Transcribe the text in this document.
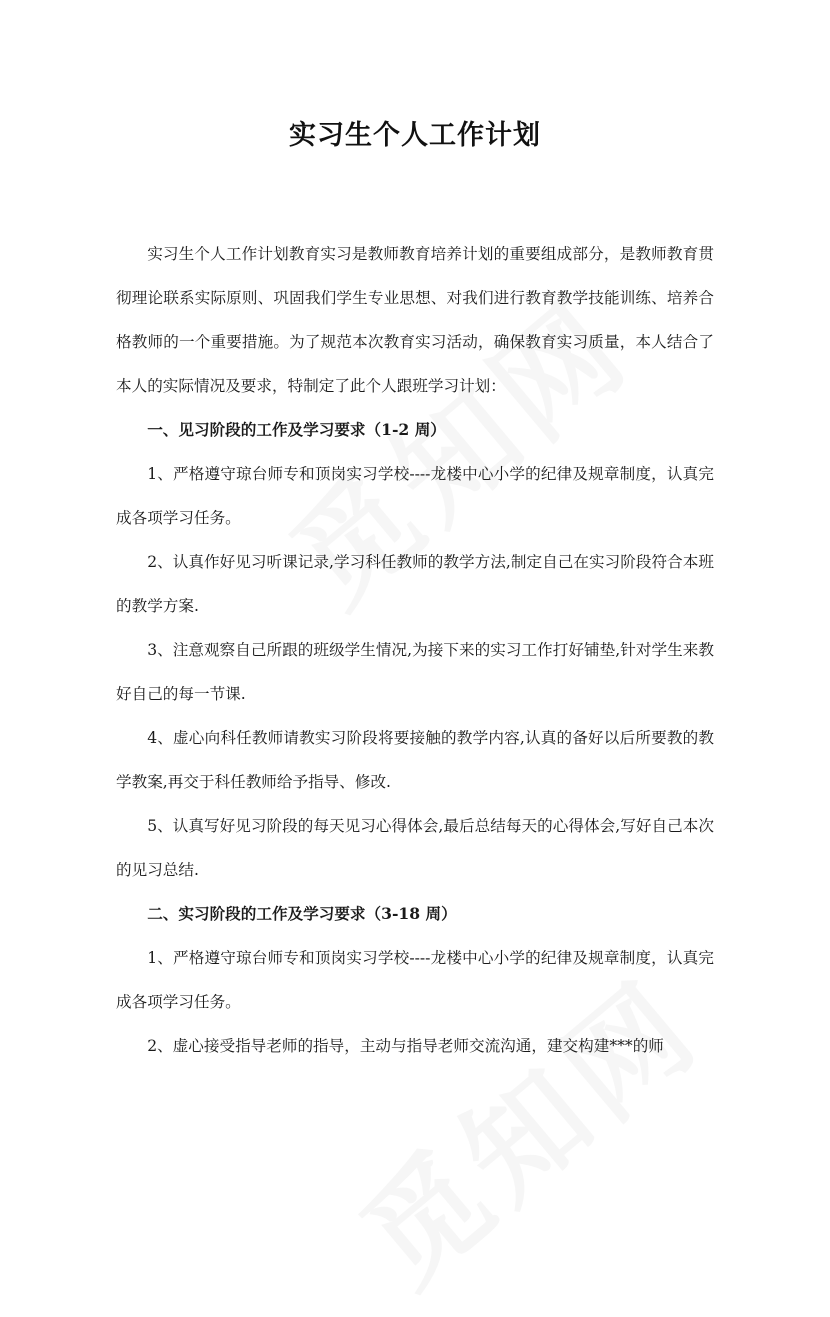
实习生个人工作计划

实习生个人工作计划教育实习是教师教育培养计划的重要组成部分，是教师教育贯彻理论联系实际原则、巩固我们学生专业思想、对我们进行教育教学技能训练、培养合格教师的一个重要措施。为了规范本次教育实习活动，确保教育实习质量，本人结合了本人的实际情况及要求，特制定了此个人跟班学习计划：

一、见习阶段的工作及学习要求（1-2 周）

1、严格遵守琼台师专和顶岗实习学校----龙楼中心小学的纪律及规章制度，认真完成各项学习任务。

2、认真作好见习听课记录,学习科任教师的教学方法,制定自己在实习阶段符合本班的教学方案.

3、注意观察自己所跟的班级学生情况,为接下来的实习工作打好铺垫,针对学生来教好自己的每一节课.

4、虚心向科任教师请教实习阶段将要接触的教学内容,认真的备好以后所要教的教学教案,再交于科任教师给予指导、修改.

5、认真写好见习阶段的每天见习心得体会,最后总结每天的心得体会,写好自己本次的见习总结.

二、实习阶段的工作及学习要求（3-18 周）

1、严格遵守琼台师专和顶岗实习学校----龙楼中心小学的纪律及规章制度，认真完成各项学习任务。

2、虚心接受指导老师的指导，主动与指导老师交流沟通，建交构建***的师
